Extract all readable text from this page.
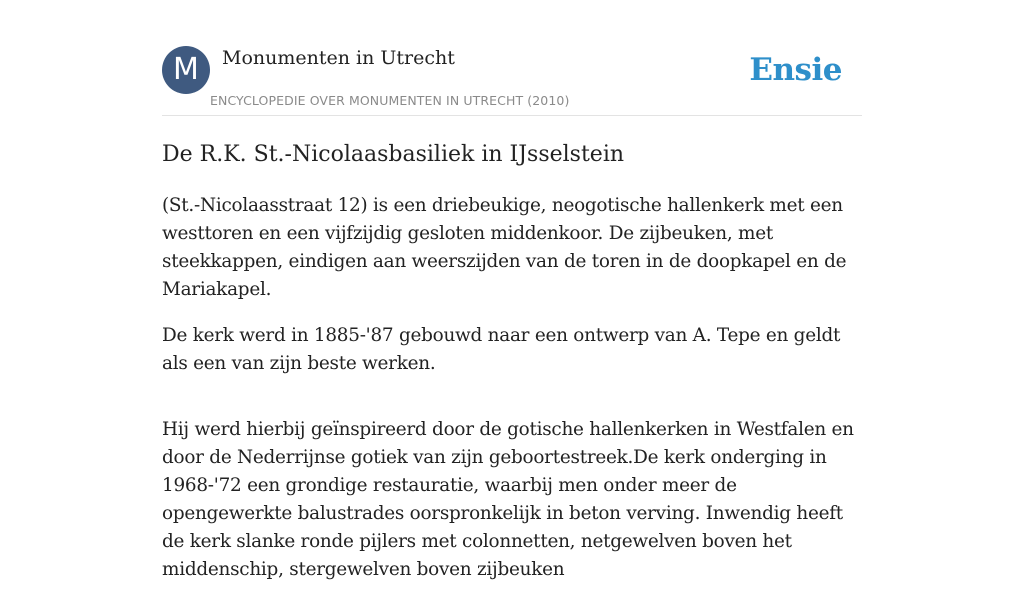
M	Monumenten in Utrecht
ENCYCLOPEDIE OVER MONUMENTEN IN UTRECHT (2010)
Ensie
De R.K. St.-Nicolaasbasiliek in IJsselstein

(St.-Nicolaasstraat 12) is een driebeukige, neogotische hallenkerk met een westtoren en een vijfzijdig gesloten middenkoor. De zijbeuken, met steekkappen, eindigen aan weerszijden van de toren in de doopkapel en de Mariakapel.

De kerk werd in 1885-'87 gebouwd naar een ontwerp van A. Tepe en geldt als een van zijn beste werken.

Hij werd hierbij geïnspireerd door de gotische hallenkerken in Westfalen en door de Nederrijnse gotiek van zijn geboortestreek.De kerk onderging in 1968-'72 een grondige restauratie, waarbij men onder meer de opengewerkte balustrades oorspronkelijk in beton verving. Inwendig heeft de kerk slanke ronde pijlers met colonnetten, netgewelven boven het middenschip, stergewelven boven zijbeuken
